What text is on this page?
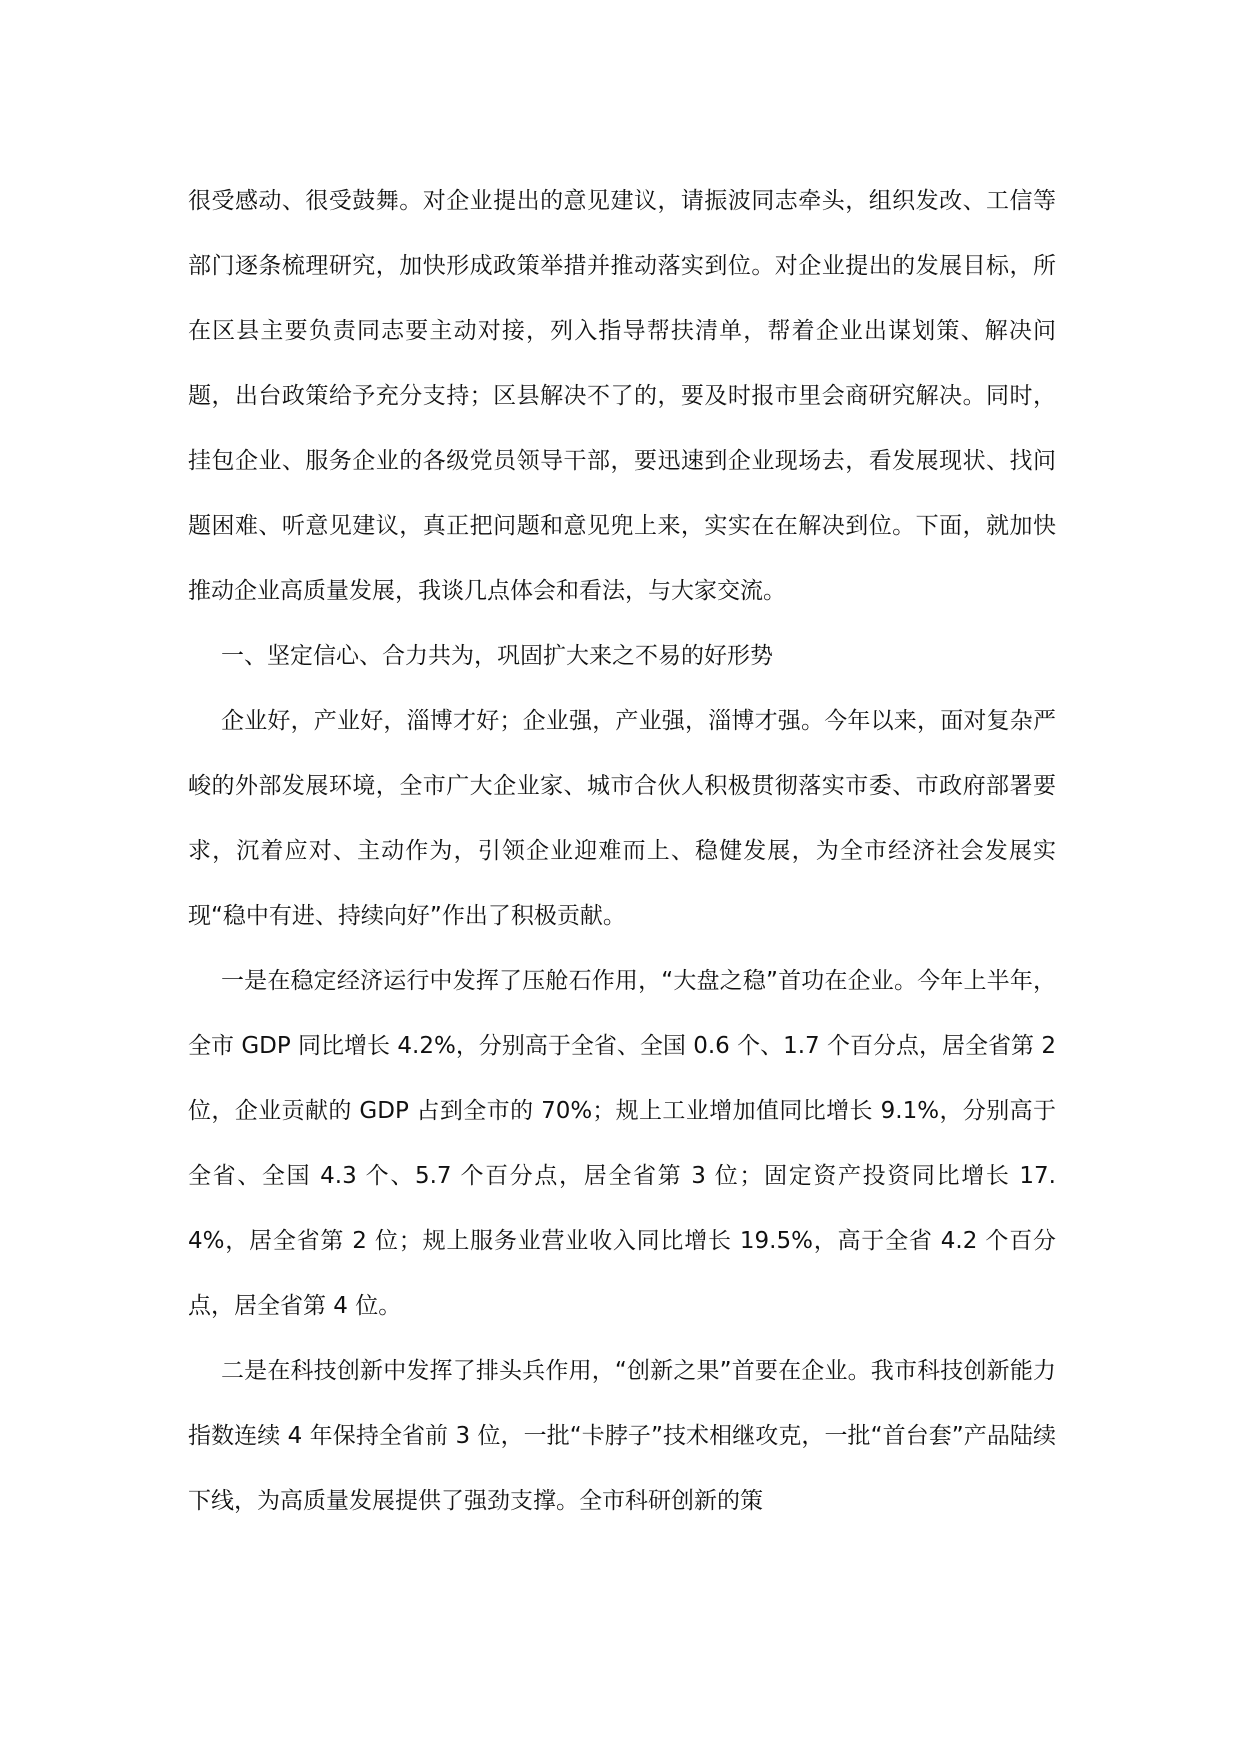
很受感动、很受鼓舞。对企业提出的意见建议，请振波同志牵头，组织发改、工信等部门逐条梳理研究，加快形成政策举措并推动落实到位。对企业提出的发展目标，所在区县主要负责同志要主动对接，列入指导帮扶清单，帮着企业出谋划策、解决问题，出台政策给予充分支持；区县解决不了的，要及时报市里会商研究解决。同时，挂包企业、服务企业的各级党员领导干部，要迅速到企业现场去，看发展现状、找问题困难、听意见建议，真正把问题和意见兜上来，实实在在解决到位。下面，就加快推动企业高质量发展，我谈几点体会和看法，与大家交流。

一、坚定信心、合力共为，巩固扩大来之不易的好形势

企业好，产业好，淄博才好；企业强，产业强，淄博才强。今年以来，面对复杂严峻的外部发展环境，全市广大企业家、城市合伙人积极贯彻落实市委、市政府部署要求，沉着应对、主动作为，引领企业迎难而上、稳健发展，为全市经济社会发展实现“稳中有进、持续向好”作出了积极贡献。

一是在稳定经济运行中发挥了压舱石作用，“大盘之稳”首功在企业。今年上半年，全市 GDP 同比增长 4.2%，分别高于全省、全国 0.6 个、1.7 个百分点，居全省第 2 位，企业贡献的 GDP 占到全市的 70%；规上工业增加值同比增长 9.1%，分别高于全省、全国 4.3 个、5.7 个百分点，居全省第 3 位；固定资产投资同比增长 17.4%，居全省第 2 位；规上服务业营业收入同比增长 19.5%，高于全省 4.2 个百分点，居全省第 4 位。

二是在科技创新中发挥了排头兵作用，“创新之果”首要在企业。我市科技创新能力指数连续 4 年保持全省前 3 位，一批“卡脖子”技术相继攻克，一批“首台套”产品陆续下线，为高质量发展提供了强劲支撑。全市科研创新的策
